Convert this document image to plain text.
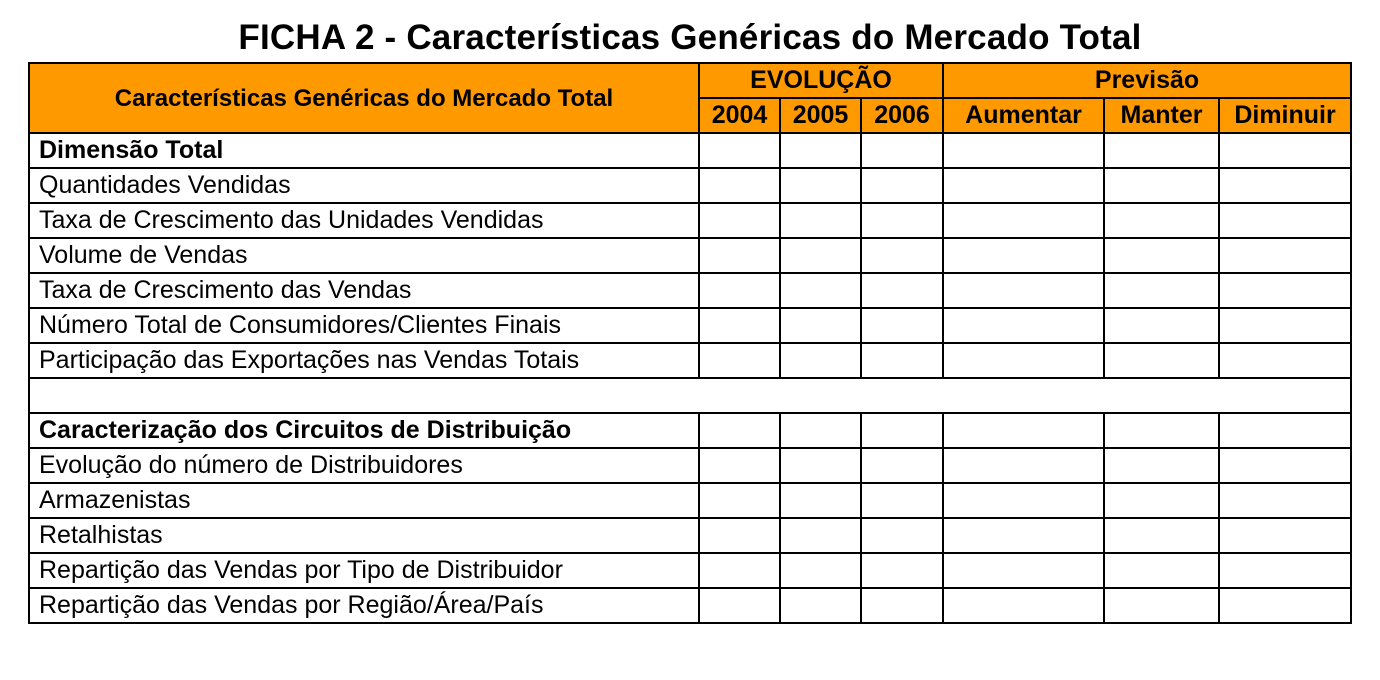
FICHA 2 - Características Genéricas do Mercado Total
Características Genéricas do Mercado Total	EVOLUÇÃO			Previsão		
	2004	2005	2006	Aumentar	Manter	Diminuir
Dimensão Total						
Quantidades Vendidas						
Taxa de Crescimento das Unidades Vendidas						
Volume de Vendas						
Taxa de Crescimento das Vendas						
Número Total de Consumidores/Clientes Finais						
Participação das Exportações nas Vendas Totais						

Caracterização dos Circuitos de Distribuição						
Evolução do número de Distribuidores						
Armazenistas						
Retalhistas						
Repartição das Vendas por Tipo de Distribuidor						
Repartição das Vendas por Região/Área/País						
